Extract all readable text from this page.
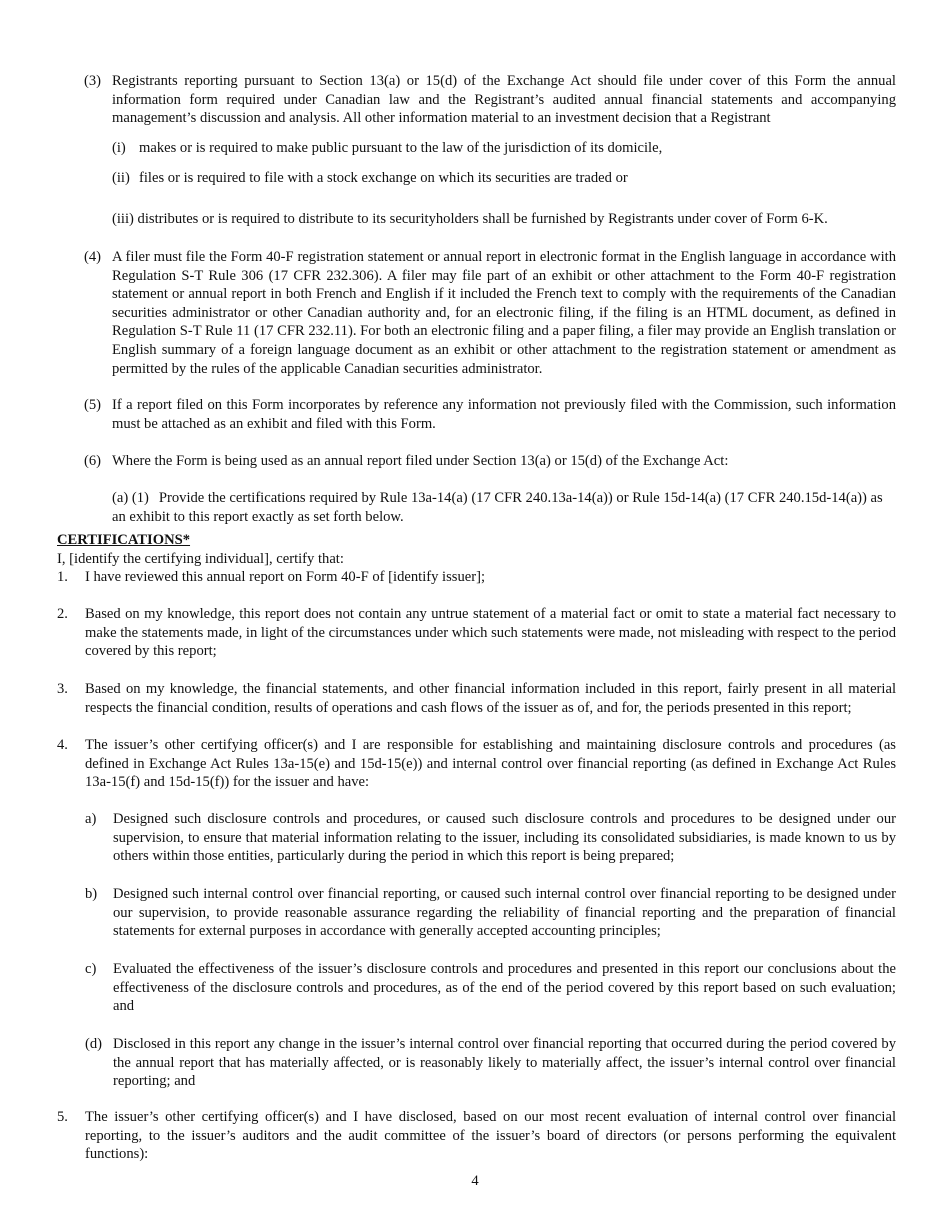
(3) Registrants reporting pursuant to Section 13(a) or 15(d) of the Exchange Act should file under cover of this Form the annual information form required under Canadian law and the Registrant’s audited annual financial statements and accompanying management’s discussion and analysis. All other information material to an investment decision that a Registrant
(i) makes or is required to make public pursuant to the law of the jurisdiction of its domicile,
(ii) files or is required to file with a stock exchange on which its securities are traded or
(iii) distributes or is required to distribute to its securityholders shall be furnished by Registrants under cover of Form 6-K.
(4) A filer must file the Form 40-F registration statement or annual report in electronic format in the English language in accordance with Regulation S-T Rule 306 (17 CFR 232.306). A filer may file part of an exhibit or other attachment to the Form 40-F registration statement or annual report in both French and English if it included the French text to comply with the requirements of the Canadian securities administrator or other Canadian authority and, for an electronic filing, if the filing is an HTML document, as defined in Regulation S-T Rule 11 (17 CFR 232.11). For both an electronic filing and a paper filing, a filer may provide an English translation or English summary of a foreign language document as an exhibit or other attachment to the registration statement or amendment as permitted by the rules of the applicable Canadian securities administrator.
(5) If a report filed on this Form incorporates by reference any information not previously filed with the Commission, such information must be attached as an exhibit and filed with this Form.
(6) Where the Form is being used as an annual report filed under Section 13(a) or 15(d) of the Exchange Act:
(a) (1) Provide the certifications required by Rule 13a-14(a) (17 CFR 240.13a-14(a)) or Rule 15d-14(a) (17 CFR 240.15d-14(a)) as an exhibit to this report exactly as set forth below.
CERTIFICATIONS*
I, [identify the certifying individual], certify that:
1. I have reviewed this annual report on Form 40-F of [identify issuer];
2. Based on my knowledge, this report does not contain any untrue statement of a material fact or omit to state a material fact necessary to make the statements made, in light of the circumstances under which such statements were made, not misleading with respect to the period covered by this report;
3. Based on my knowledge, the financial statements, and other financial information included in this report, fairly present in all material respects the financial condition, results of operations and cash flows of the issuer as of, and for, the periods presented in this report;
4. The issuer’s other certifying officer(s) and I are responsible for establishing and maintaining disclosure controls and procedures (as defined in Exchange Act Rules 13a-15(e) and 15d-15(e)) and internal control over financial reporting (as defined in Exchange Act Rules 13a-15(f) and 15d-15(f)) for the issuer and have:
a) Designed such disclosure controls and procedures, or caused such disclosure controls and procedures to be designed under our supervision, to ensure that material information relating to the issuer, including its consolidated subsidiaries, is made known to us by others within those entities, particularly during the period in which this report is being prepared;
b) Designed such internal control over financial reporting, or caused such internal control over financial reporting to be designed under our supervision, to provide reasonable assurance regarding the reliability of financial reporting and the preparation of financial statements for external purposes in accordance with generally accepted accounting principles;
c) Evaluated the effectiveness of the issuer’s disclosure controls and procedures and presented in this report our conclusions about the effectiveness of the disclosure controls and procedures, as of the end of the period covered by this report based on such evaluation; and
(d) Disclosed in this report any change in the issuer’s internal control over financial reporting that occurred during the period covered by the annual report that has materially affected, or is reasonably likely to materially affect, the issuer’s internal control over financial reporting; and
5. The issuer’s other certifying officer(s) and I have disclosed, based on our most recent evaluation of internal control over financial reporting, to the issuer’s auditors and the audit committee of the issuer’s board of directors (or persons performing the equivalent functions):
4
